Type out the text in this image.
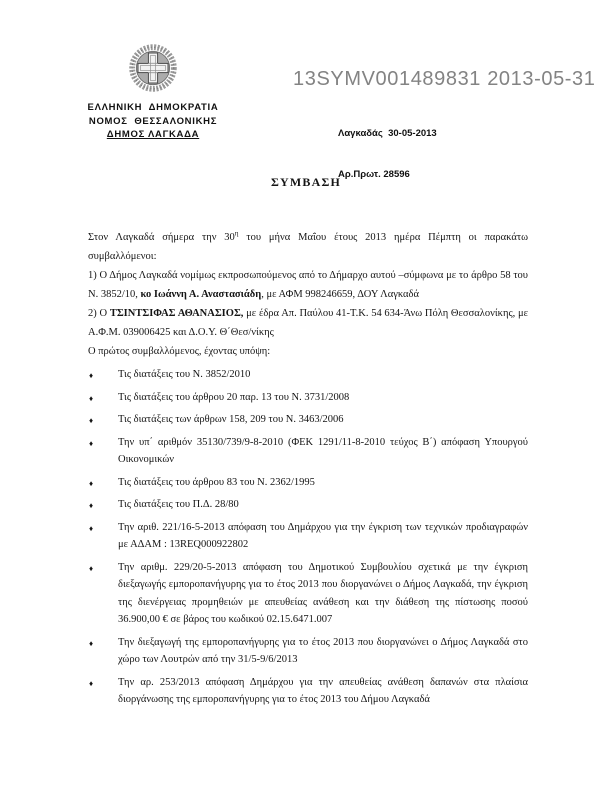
13SYMV001489831 2013-05-31
ΕΛΛΗΝΙΚΗ  ΔΗΜΟΚΡΑΤΙΑ
ΝΟΜΟΣ  ΘΕΣΣΑΛΟΝΙΚΗΣ
ΔΗΜΟΣ ΛΑΓΚΑΔΑ

	Λαγκαδάς  30-05-2013

Αρ.Πρωτ. 28596

ΣΥΜΒΑΣΗ

Στον Λαγκαδά σήμερα την $30^\eta$ του μήνα Μαΐου έτους 2013 ημέρα Πέμπτη οι παρακάτω συμβαλλόμενοι:

1) Ο Δήμος Λαγκαδά νομίμως εκπροσωπούμενος από το Δήμαρχο αυτού –σύμφωνα με το άρθρο 58 του Ν. 3852/10, κο Ιωάννη Α. Αναστασιάδη, με ΑΦΜ 998246659, ΔΟΥ Λαγκαδά

2) Ο ΤΣΙΝΤΣΙΦΑΣ ΑΘΑΝΑΣΙΟΣ, με έδρα Απ. Παύλου 41-Τ.Κ. 54 634-Άνω Πόλη Θεσσαλονίκης, με Α.Φ.Μ. 039006425 και Δ.Ο.Υ. Θ΄Θεσ/νίκης

Ο πρώτος συμβαλλόμενος, έχοντας υπόψη:

♦ Τις διατάξεις του Ν. 3852/2010
♦ Τις διατάξεις του άρθρου 20 παρ. 13 του Ν. 3731/2008
♦ Τις διατάξεις των άρθρων 158, 209 του Ν. 3463/2006
♦ Την υπ΄ αριθμόν 35130/739/9-8-2010 (ΦΕΚ 1291/11-8-2010 τεύχος Β΄) απόφαση Υπουργού Οικονομικών
♦ Τις διατάξεις του άρθρου 83 του Ν. 2362/1995
♦ Τις διατάξεις του Π.Δ. 28/80
♦ Την αριθ. 221/16-5-2013 απόφαση του Δημάρχου για την έγκριση των τεχνικών προδιαγραφών με ΑΔΑΜ : 13REQ000922802
♦ Την αριθμ. 229/20-5-2013 απόφαση του Δημοτικού Συμβουλίου σχετικά με την έγκριση διεξαγωγής εμποροπανήγυρης για το έτος 2013 που διοργανώνει ο Δήμος Λαγκαδά, την έγκριση της διενέργειας προμηθειών με απευθείας ανάθεση και την διάθεση της πίστωσης ποσού 36.900,00 € σε βάρος του κωδικού 02.15.6471.007
♦ Την διεξαγωγή της εμποροπανήγυρης για το έτος 2013 που διοργανώνει ο Δήμος Λαγκαδά στο χώρο των Λουτρών από την 31/5-9/6/2013
♦ Την αρ. 253/2013 απόφαση Δημάρχου για την απευθείας ανάθεση δαπανών στα πλαίσια διοργάνωσης της εμποροπανήγυρης για το έτος 2013 του Δήμου Λαγκαδά
